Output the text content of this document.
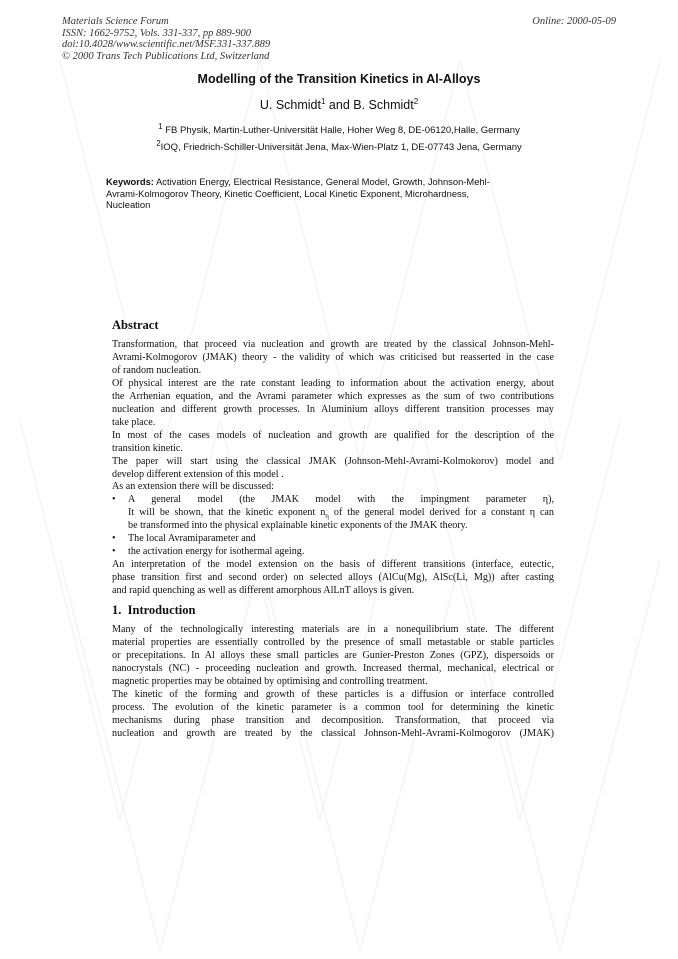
Materials Science Forum
ISSN: 1662-9752, Vols. 331-337, pp 889-900
doi:10.4028/www.scientific.net/MSF.331-337.889
© 2000 Trans Tech Publications Ltd, Switzerland
Online: 2000-05-09
Modelling of the Transition Kinetics in Al-Alloys
U. Schmidt$^1$ and B. Schmidt$^2$
$^1$ FB Physik, Martin-Luther-Universität Halle, Hoher Weg 8, DE-06120,Halle, Germany
$^2$IOQ, Friedrich-Schiller-Universität Jena, Max-Wien-Platz 1, DE-07743 Jena, Germany
Keywords: Activation Energy, Electrical Resistance, General Model, Growth, Johnson-Mehl-
Avrami-Kolmogorov Theory, Kinetic Coefficient, Local Kinetic Exponent, Microhardness,
Nucleation
Abstract
Transformation, that proceed via nucleation and growth are treated by the classical Johnson-Mehl-
Avrami-Kolmogorov (JMAK) theory - the validity of which was criticised but reasserted in the case
of random nucleation.
Of physical interest are the rate constant leading to information about the activation energy, about
the Arrhenian equation, and the Avrami parameter which expresses as the sum of two contributions
nucleation and different growth processes. In Aluminium alloys different transition processes may
take place.
In most of the cases models of nucleation and growth are qualified for the description of the
transition kinetic.
The paper will start using the classical JMAK (Johnson-Mehl-Avrami-Kolmokorov) model and
develop different extension of this model .
As an extension there will be discussed:
• A general model (the JMAK model with the impingment parameter η),
It will be shown, that the kinetic exponent $n_\eta$ of the general model derived for a constant η can
be transformed into the physical explainable kinetic exponents of the JMAK theory.
• The local Avramiparameter and
• the activation energy for isothermal ageing.
An interpretation of the model extension on the basis of different transitions (interface, eutectic,
phase transition first and second order) on selected alloys (AlCu(Mg), AlSc(Li, Mg)) after casting
and rapid quenching as well as different amorphous AlLnT alloys is given.
1.  Introduction
Many of the technologically interesting materials are in a nonequilibrium state. The different
material properties are essentially controlled by the presence of small metastable or stable particles
or precepitations. In Al alloys these small particles are Gunier-Preston Zones (GPZ), dispersoids or
nanocrystals (NC) - proceeding nucleation and growth. Increased thermal, mechanical, electrical or
magnetic properties may be obtained by optimising and controlling treatment.
The kinetic of the forming and growth of these particles is a diffusion or interface controlled
process. The evolution of the kinetic parameter is a common tool for determining the kinetic
mechanisms during phase transition and decomposition. Transformation, that proceed via
nucleation and growth are treated by the classical Johnson-Mehl-Avrami-Kolmogorov (JMAK)
